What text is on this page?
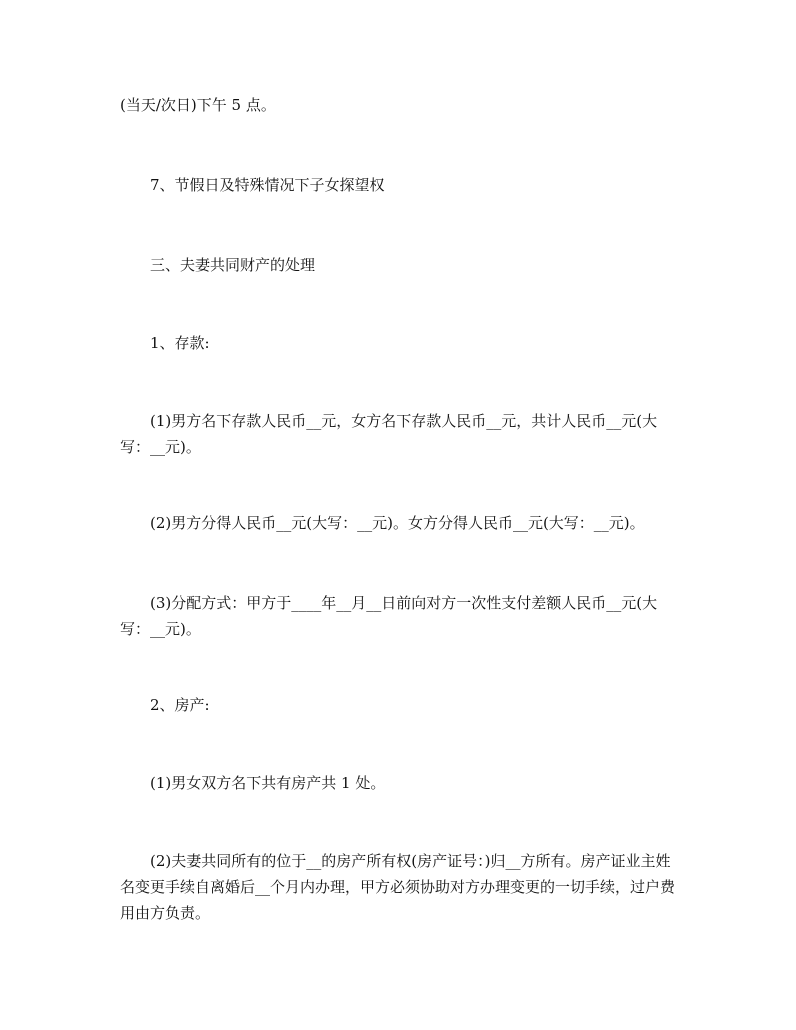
(当天/次日)下午 5 点。

7、节假日及特殊情况下子女探望权

三、夫妻共同财产的处理

1、存款:

(1)男方名下存款人民币__元，女方名下存款人民币__元，共计人民币__元(大写：__元)。

(2)男方分得人民币__元(大写：__元)。女方分得人民币__元(大写：__元)。

(3)分配方式：甲方于____年__月__日前向对方一次性支付差额人民币__元(大写：__元)。

2、房产:

(1)男女双方名下共有房产共 1 处。

(2)夫妻共同所有的位于__的房产所有权(房产证号：)归__方所有。房产证业主姓名变更手续自离婚后__个月内办理，甲方必须协助对方办理变更的一切手续，过户费用由方负责。
